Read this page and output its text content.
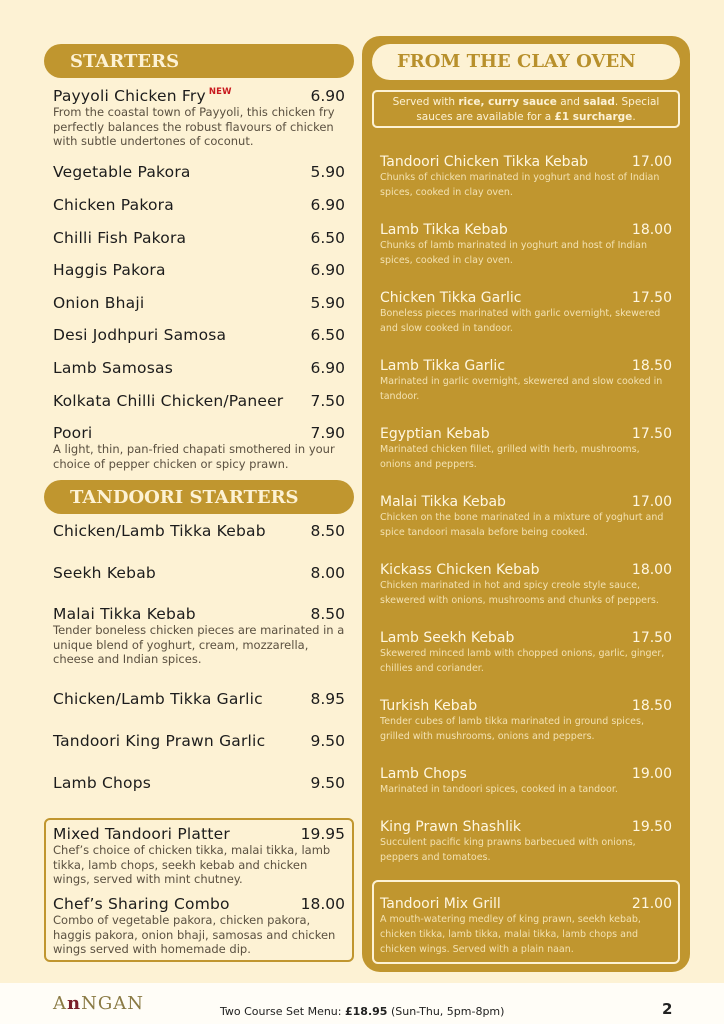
STARTERS
TANDOORI STARTERS
FROM THE CLAY OVEN
Served with rice, curry sauce and salad. Special sauces are available for a £1 surcharge.
Payyoli Chicken Fry $^{NEW}$	6.90
From the coastal town of Payyoli, this chicken fry perfectly balances the robust flavours of chicken with subtle undertones of coconut.
Vegetable Pakora	5.90
Chicken Pakora	6.90
Chilli Fish Pakora	6.50
Haggis Pakora	6.90
Onion Bhaji	5.90
Desi Jodhpuri Samosa	6.50
Lamb Samosas	6.90
Kolkata Chilli Chicken/Paneer	7.50
Poori	7.90
A light, thin, pan-fried chapati smothered in your choice of pepper chicken or spicy prawn.
Chicken/Lamb Tikka Kebab	8.50
Seekh Kebab	8.00
Malai Tikka Kebab	8.50
Tender boneless chicken pieces are marinated in a unique blend of yoghurt, cream, mozzarella, cheese and Indian spices.
Chicken/Lamb Tikka Garlic	8.95
Tandoori King Prawn Garlic	9.50
Lamb Chops	9.50
Mixed Tandoori Platter	19.95
Chef’s choice of chicken tikka, malai tikka, lamb tikka, lamb chops, seekh kebab and chicken wings, served with mint chutney.
Chef’s Sharing Combo	18.00
Combo of vegetable pakora, chicken pakora, haggis pakora, onion bhaji, samosas and chicken wings served with homemade dip.
Tandoori Chicken Tikka Kebab	17.00
Chunks of chicken marinated in yoghurt and host of Indian spices, cooked in clay oven.
Lamb Tikka Kebab	18.00
Chunks of lamb marinated in yoghurt and host of Indian spices, cooked in clay oven.
Chicken Tikka Garlic	17.50
Boneless pieces marinated with garlic overnight, skewered and slow cooked in tandoor.
Lamb Tikka Garlic	18.50
Marinated in garlic overnight, skewered and slow cooked in tandoor.
Egyptian Kebab	17.50
Marinated chicken fillet, grilled with herb, mushrooms, onions and peppers.
Malai Tikka Kebab	17.00
Chicken on the bone marinated in a mixture of yoghurt and spice tandoori masala before being cooked.
Kickass Chicken Kebab	18.00
Chicken marinated in hot and spicy creole style sauce, skewered with onions, mushrooms and chunks of peppers.
Lamb Seekh Kebab	17.50
Skewered minced lamb with chopped onions, garlic, ginger, chillies and coriander.
Turkish Kebab	18.50
Tender cubes of lamb tikka marinated in ground spices, grilled with mushrooms, onions and peppers.
Lamb Chops	19.00
Marinated in tandoori spices, cooked in a tandoor.
King Prawn Shashlik	19.50
Succulent pacific king prawns barbecued with onions, peppers and tomatoes.
Tandoori Mix Grill	21.00
A mouth-watering medley of king prawn, seekh kebab, chicken tikka, lamb tikka, malai tikka, lamb chops and chicken wings. Served with a plain naan.
AnNGAN	Two Course Set Menu: £18.95 (Sun-Thu, 5pm-8pm)	2
